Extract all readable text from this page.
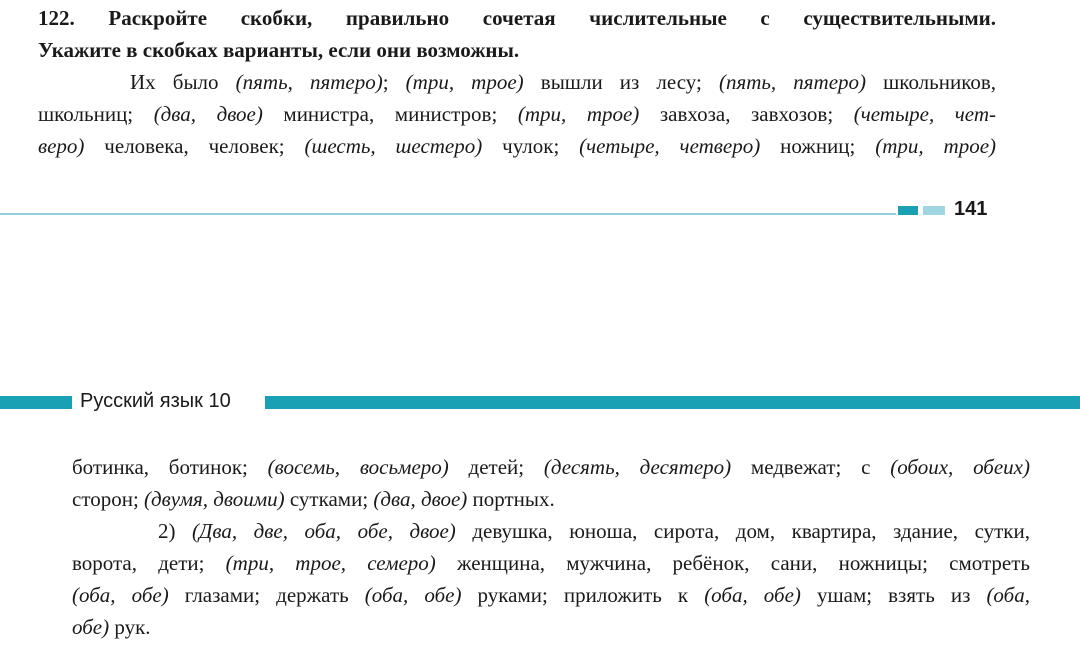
122. Раскройте скобки, правильно сочетая числительные с существительными.
Укажите в скобках варианты, если они возможны.
Их было (пять, пятеро); (три, трое) вышли из лесу; (пять, пятеро) школьников,
школьниц; (два, двое) министра, министров; (три, трое) завхоза, завхозов; (четыре, чет-
веро) человека, человек; (шесть, шестеро) чулок; (четыре, четверо) ножниц; (три, трое)
141
Русский язык 10
ботинка, ботинок; (восемь, восьмеро) детей; (десять, десятеро) медвежат; с (обоих, обеих)
сторон; (двумя, двоими) сутками; (два, двое) портных.
2) (Два, две, оба, обе, двое) девушка, юноша, сирота, дом, квартира, здание, сутки,
ворота, дети; (три, трое, семеро) женщина, мужчина, ребёнок, сани, ножницы; смотреть
(оба, обе) глазами; держать (оба, обе) руками; приложить к (оба, обе) ушам; взять из (оба,
обе) рук.
